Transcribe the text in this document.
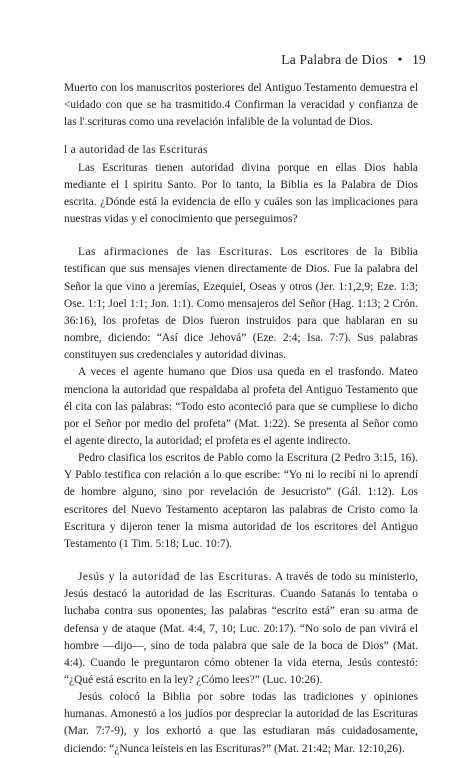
La Palabra de Dios • 19

Muerto con los manuscritos posteriores del Antiguo Testamento demuestra el <uidado con que se ha trasmitido.4 Confirman la veracidad y confianza de las l'.scrituras como una revelación infalible de la voluntad de Dios.

l a autoridad de las Escrituras

Las Escrituras tienen autoridad divina porque en ellas Dios habla mediante el I spiritu Santo. Por lo tanto, la Biblia es la Palabra de Dios escrita. ¿Dónde está la evidencia de ello y cuáles son las implicaciones para nuestras vidas y el conocimiento que perseguimos?

Las afirmaciones de las Escrituras. Los escritores de la Biblia testifican que sus mensajes vienen directamente de Dios. Fue la palabra del Señor la que vino a jeremías, Ezequiel, Oseas y otros (Jer. 1:1,2,9; Eze. 1:3; Ose. 1:1; Joel 1:1; Jon. 1:1). Como mensajeros del Señor (Hag. 1:13; 2 Crón. 36:16), los profetas de Dios fueron instruidos para que hablaran en su nombre, diciendo: “Así dice Jehová” (Eze. 2:4; Isa. 7:7). Sus palabras constituyen sus credenciales y autoridad divinas.

A veces el agente humano que Dios usa queda en el trasfondo. Mateo menciona la autoridad que respaldaba al profeta del Antiguo Testamento que él cita con las palabras: “Todo esto aconteció para que se cumpliese lo dicho por el Señor por medio del profeta” (Mat. 1:22). Se presenta al Señor como el agente directo, la autoridad; el profeta es el agente indirecto.

Pedro clasifica los escritos de Pablo como la Escritura (2 Pedro 3:15, 16). Y Pablo testifica con relación a lo que escribe: “Yo ni lo recibí ni lo aprendí de hombre alguno, sino por revelación de Jesucristo” (Gál. 1:12). Los escritores del Nuevo Testamento aceptaron las palabras de Cristo como la Escritura y dijeron tener la misma autoridad de los escritores del Antiguo Testamento (1 Tim. 5:18; Luc. 10:7).

Jesús y la autoridad de las Escrituras. A través de todo su ministerio, Jesús destacó la autoridad de las Escrituras. Cuando Satanás lo tentaba o luchaba contra sus oponentes, las palabras “escrito está” eran su arma de defensa y de ataque (Mat. 4:4, 7, 10; Luc. 20:17). “No solo de pan vivirá el hombre —dijo—, sino de toda palabra que sale de la boca de Dios” (Mat. 4:4). Cuando le preguntaron cómo obtener la vida eterna, Jesús contestó: “¿Qué está escrito en la ley? ¿Cómo lees?” (Luc. 10:26).

Jesús colocó la Biblia por sobre todas las tradiciones y opiniones humanas. Amonestó a los judíos por despreciar la autoridad de las Escrituras (Mar. 7:7-9), y los exhortó a que las estudiaran más cuidadosamente, diciendo: “¿Nunca leísteis en las Escrituras?” (Mat. 21:42; Mar. 12:10,26).
